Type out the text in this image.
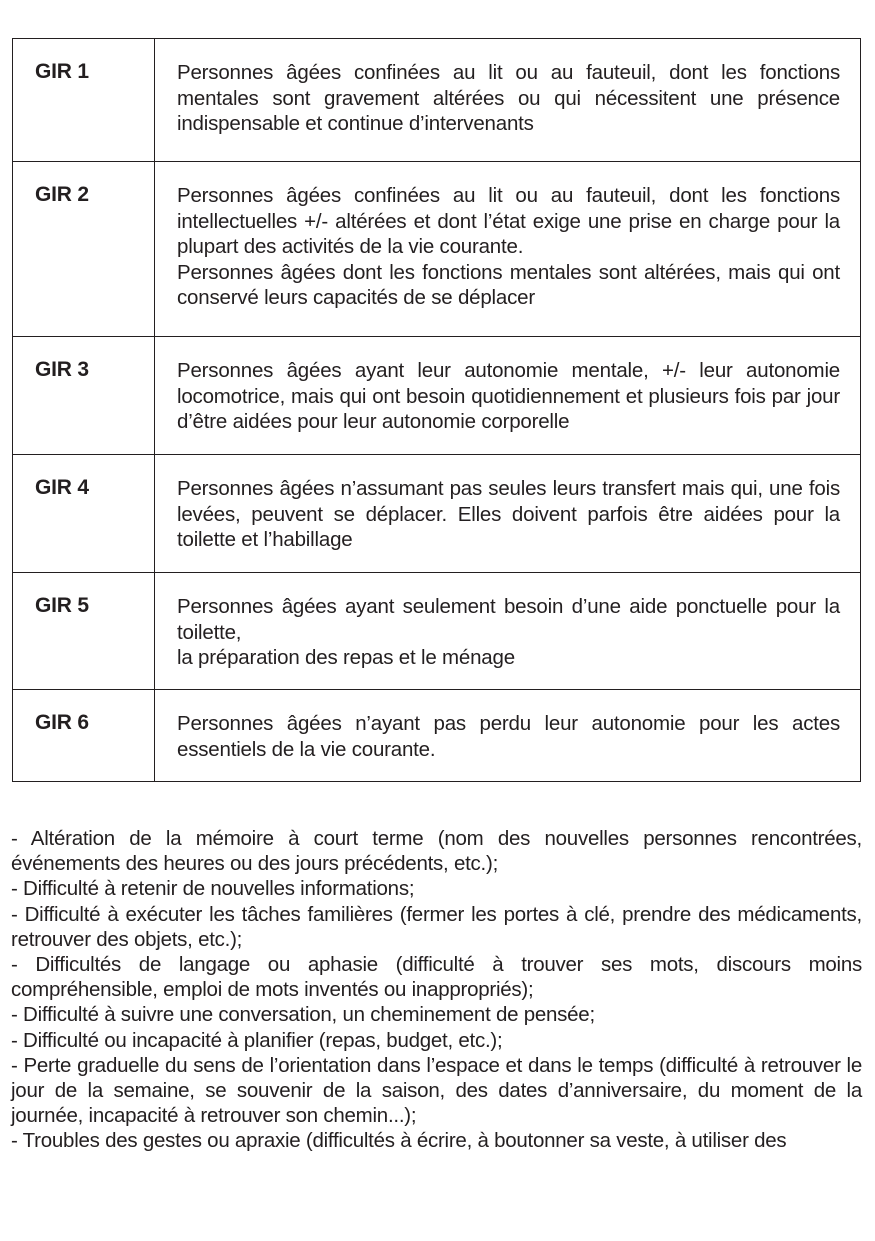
GIR 1	Personnes âgées confinées au lit ou au fauteuil, dont les fonctions mentales sont gravement altérées ou qui nécessitent une présence indispensable et continue d’intervenants

GIR 2	Personnes âgées confinées au lit ou au fauteuil, dont les fonctions intellectuelles +/- altérées et dont l’état exige une prise en charge pour la plupart des activités de la vie courante.
Personnes âgées dont les fonctions mentales sont altérées, mais qui ont conservé leurs capacités de se déplacer

GIR 3	Personnes âgées ayant leur autonomie mentale, +/- leur autonomie locomotrice, mais qui ont besoin quotidiennement et plusieurs fois par jour d’être aidées pour leur autonomie corporelle

GIR 4	Personnes âgées n’assumant pas seules leurs transfert mais qui, une fois levées, peuvent se déplacer. Elles doivent parfois être aidées pour la toilette et l’habillage

GIR 5	Personnes âgées ayant seulement besoin d’une aide ponctuelle pour la toilette,
la préparation des repas et le ménage

GIR 6	Personnes âgées n’ayant pas perdu leur autonomie pour les actes essentiels de la vie courante.
- Altération de la mémoire à court terme (nom des nouvelles personnes rencontrées, événements des heures ou des jours précédents, etc.);
- Difficulté à retenir de nouvelles informations;
- Difficulté à exécuter les tâches familières (fermer les portes à clé, prendre des médicaments, retrouver des objets, etc.);
- Difficultés de langage ou aphasie (difficulté à trouver ses mots, discours moins compréhensible, emploi de mots inventés ou inappropriés);
- Difficulté à suivre une conversation, un cheminement de pensée;
- Difficulté ou incapacité à planifier (repas, budget, etc.);
- Perte graduelle du sens de l’orientation dans l’espace et dans le temps (difficulté à retrouver le jour de la semaine, se souvenir de la saison, des dates d’anniversaire, du moment de la journée, incapacité à retrouver son chemin...);
- Troubles des gestes ou apraxie (difficultés à écrire, à boutonner sa veste, à utiliser des
